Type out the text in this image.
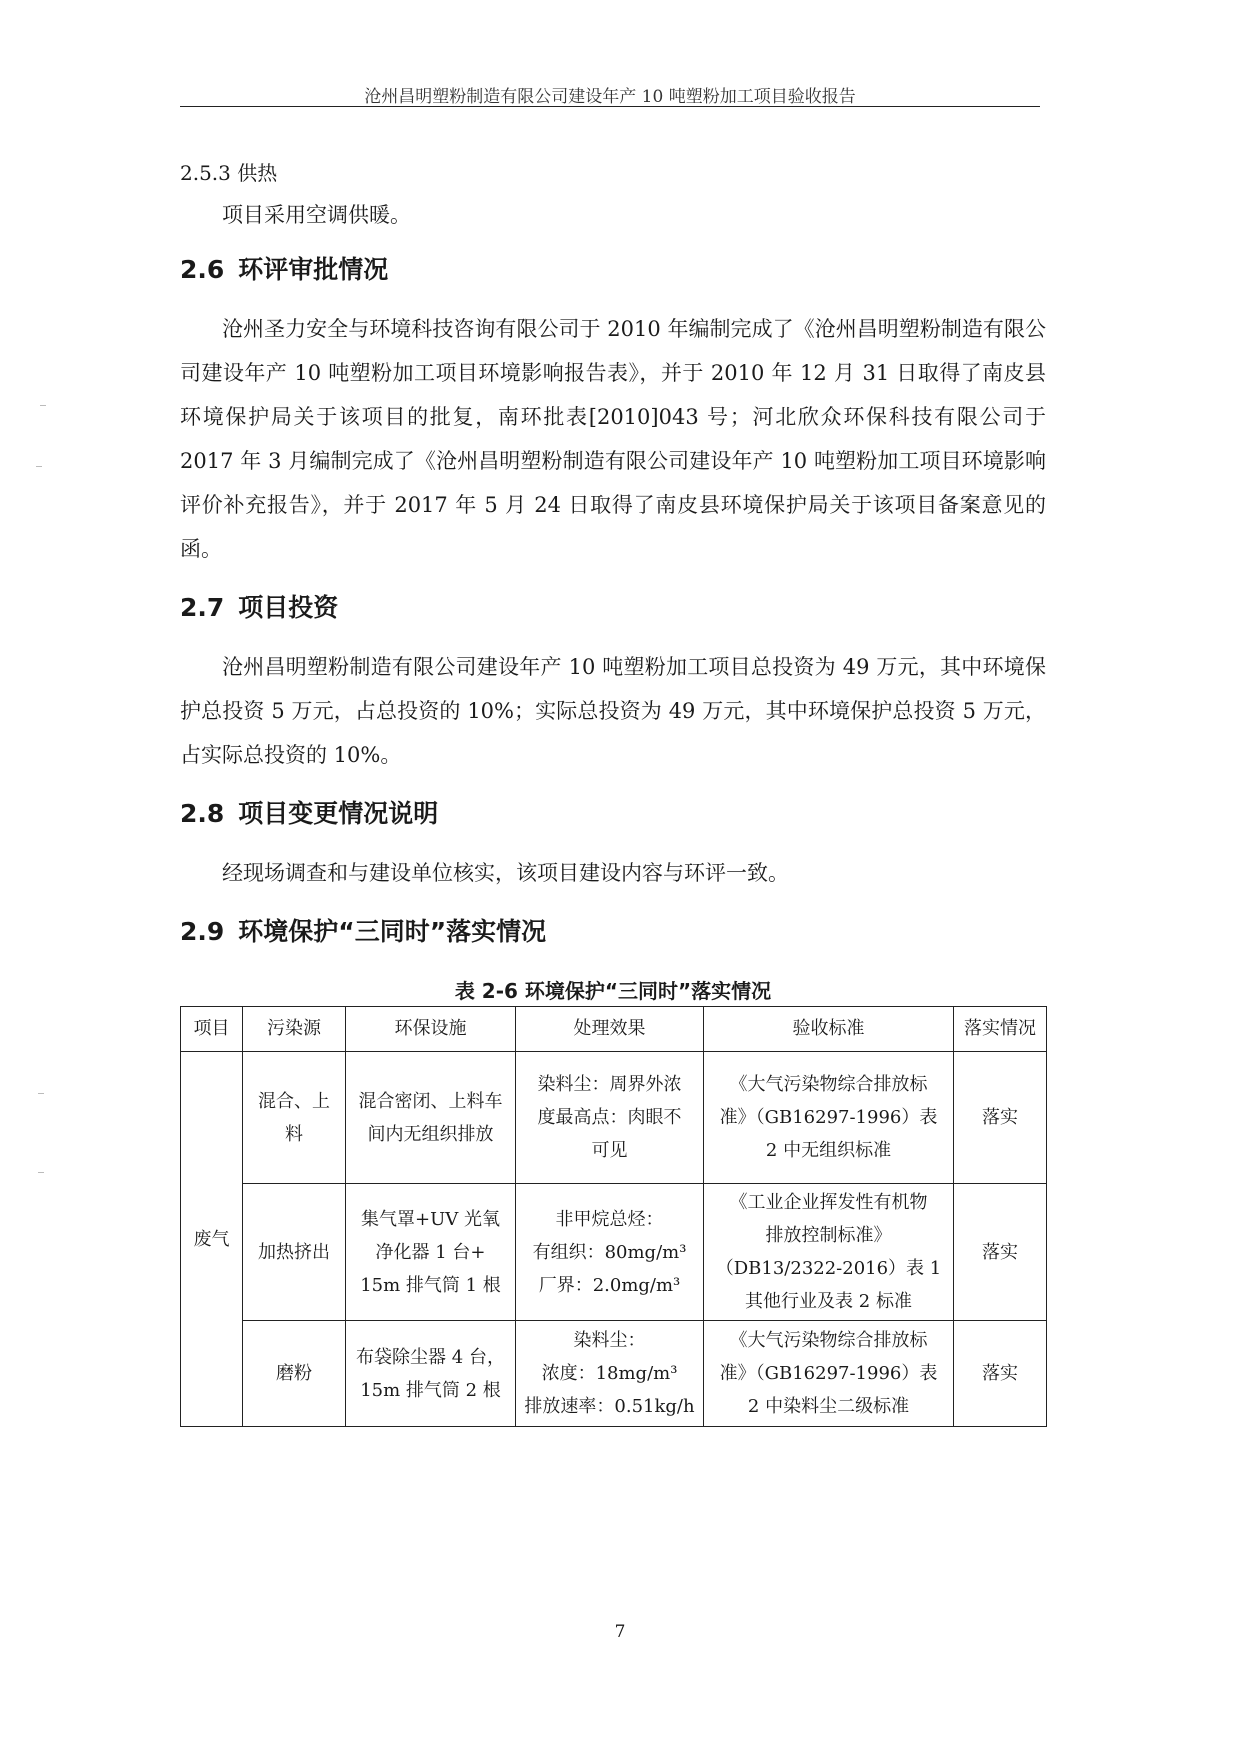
沧州昌明塑粉制造有限公司建设年产 10 吨塑粉加工项目验收报告
2.5.3 供热

项目采用空调供暖。

2.6 环评审批情况

沧州圣力安全与环境科技咨询有限公司于 2010 年编制完成了《沧州昌明塑粉制造有限公司建设年产 10 吨塑粉加工项目环境影响报告表》，并于 2010 年 12 月 31 日取得了南皮县环境保护局关于该项目的批复，南环批表[2010]043 号；河北欣众环保科技有限公司于 2017 年 3 月编制完成了《沧州昌明塑粉制造有限公司建设年产 10 吨塑粉加工项目环境影响评价补充报告》，并于 2017 年 5 月 24 日取得了南皮县环境保护局关于该项目备案意见的函。

2.7 项目投资

沧州昌明塑粉制造有限公司建设年产 10 吨塑粉加工项目总投资为 49 万元，其中环境保护总投资 5 万元，占总投资的 10%；实际总投资为 49 万元，其中环境保护总投资 5 万元，占实际总投资的 10%。

2.8 项目变更情况说明

经现场调查和与建设单位核实，该项目建设内容与环评一致。

2.9 环境保护“三同时”落实情况
表 2-6 环境保护“三同时”落实情况
项目	污染源	环保设施	处理效果	验收标准	落实情况
废气	混合、上
料	混合密闭、上料车
间内无组织排放	染料尘：周界外浓
度最高点：肉眼不
可见	《大气污染物综合排放标
准》（GB16297-1996）表
2 中无组织标准	落实

	加热挤出	集气罩+UV 光氧
净化器 1 台+
15m 排气筒 1 根	非甲烷总烃：
有组织：80mg/m³
厂界：2.0mg/m³	《工业企业挥发性有机物
排放控制标准》
（DB13/2322-2016）表 1
其他行业及表 2 标准	落实

	磨粉	布袋除尘器 4 台，
15m 排气筒 2 根	染料尘：
浓度：18mg/m³
排放速率：0.51kg/h	《大气污染物综合排放标
准》（GB16297-1996）表
2 中染料尘二级标准	落实
7
